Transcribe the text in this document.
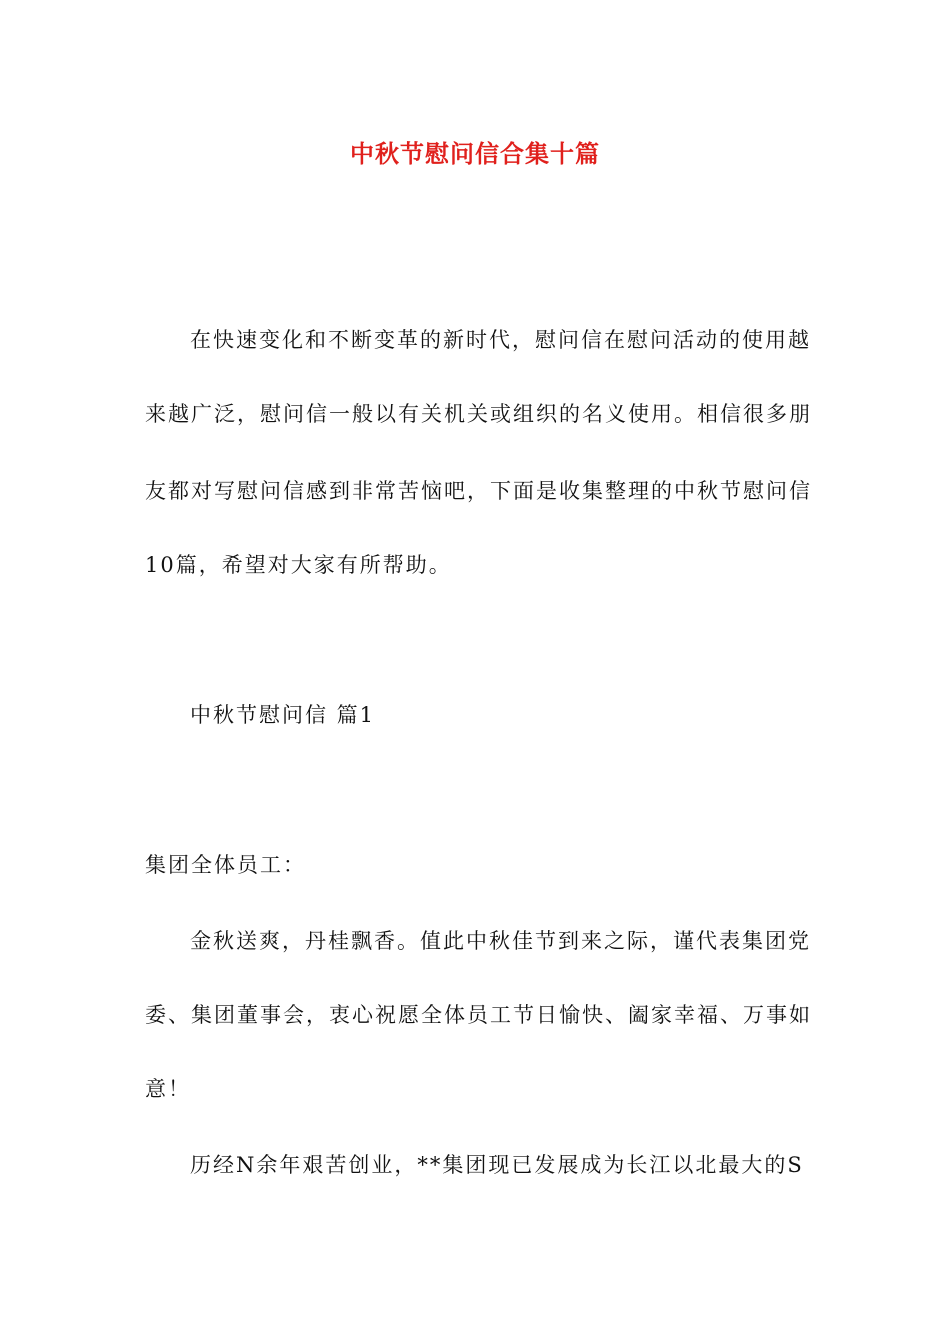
中秋节慰问信合集十篇
在快速变化和不断变革的新时代，慰问信在慰问活动的使用越
来越广泛，慰问信一般以有关机关或组织的名义使用。相信很多朋
友都对写慰问信感到非常苦恼吧，下面是收集整理的中秋节慰问信
10篇，希望对大家有所帮助。
中秋节慰问信 篇1
集团全体员工：
金秋送爽，丹桂飘香。值此中秋佳节到来之际，谨代表集团党
委、集团董事会，衷心祝愿全体员工节日愉快、阖家幸福、万事如
意！
历经N余年艰苦创业，**集团现已发展成为长江以北最大的S
